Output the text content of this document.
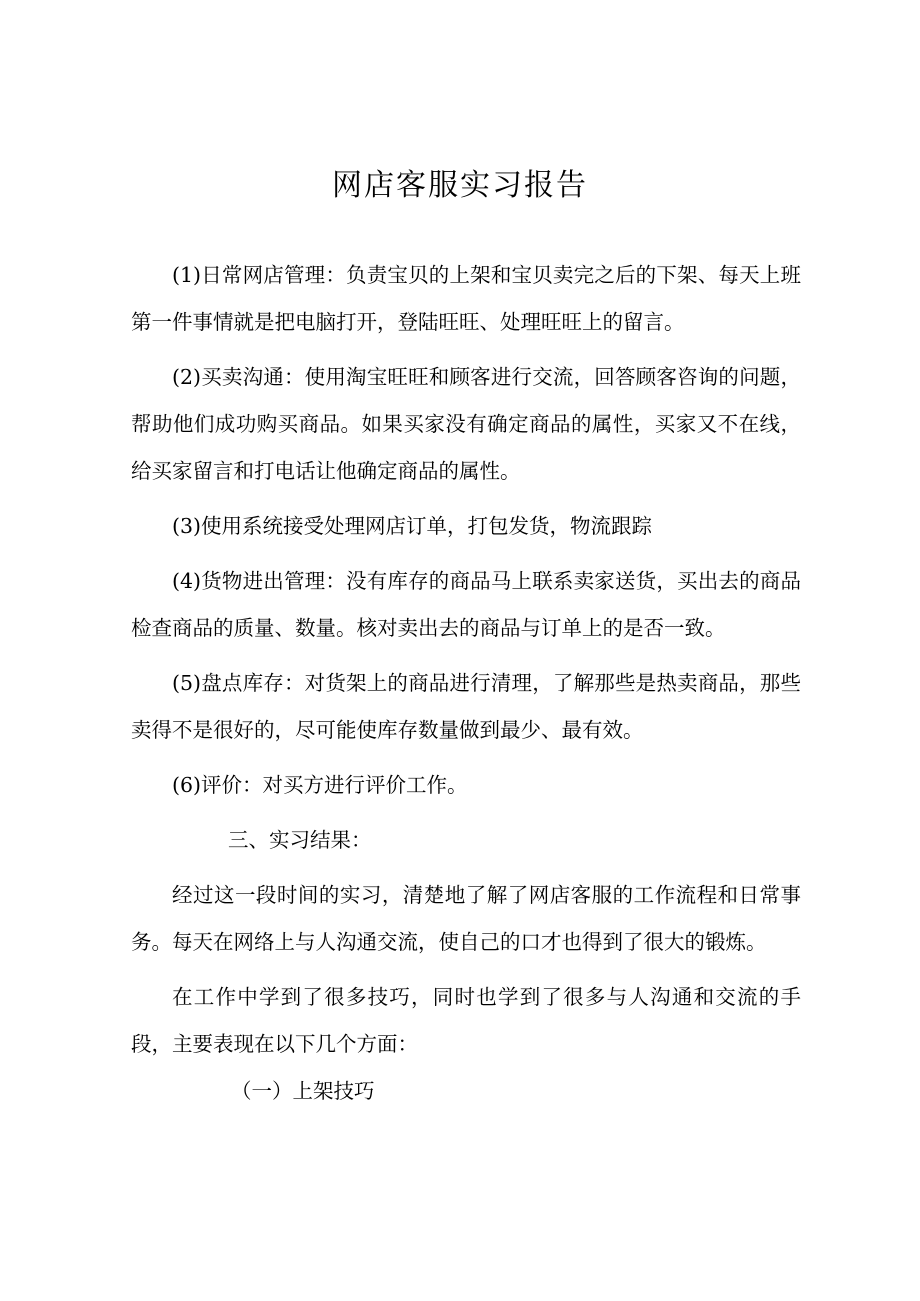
网店客服实习报告

(1)日常网店管理：负责宝贝的上架和宝贝卖完之后的下架、每天上班第一件事情就是把电脑打开，登陆旺旺、处理旺旺上的留言。

(2)买卖沟通：使用淘宝旺旺和顾客进行交流，回答顾客咨询的问题，帮助他们成功购买商品。如果买家没有确定商品的属性，买家又不在线，给买家留言和打电话让他确定商品的属性。

(3)使用系统接受处理网店订单，打包发货，物流跟踪

(4)货物进出管理：没有库存的商品马上联系卖家送货，买出去的商品检查商品的质量、数量。核对卖出去的商品与订单上的是否一致。

(5)盘点库存：对货架上的商品进行清理，了解那些是热卖商品，那些卖得不是很好的，尽可能使库存数量做到最少、最有效。

(6)评价：对买方进行评价工作。

三、实习结果：

经过这一段时间的实习，清楚地了解了网店客服的工作流程和日常事务。每天在网络上与人沟通交流，使自己的口才也得到了很大的锻炼。

在工作中学到了很多技巧，同时也学到了很多与人沟通和交流的手段，主要表现在以下几个方面：

（一）上架技巧
